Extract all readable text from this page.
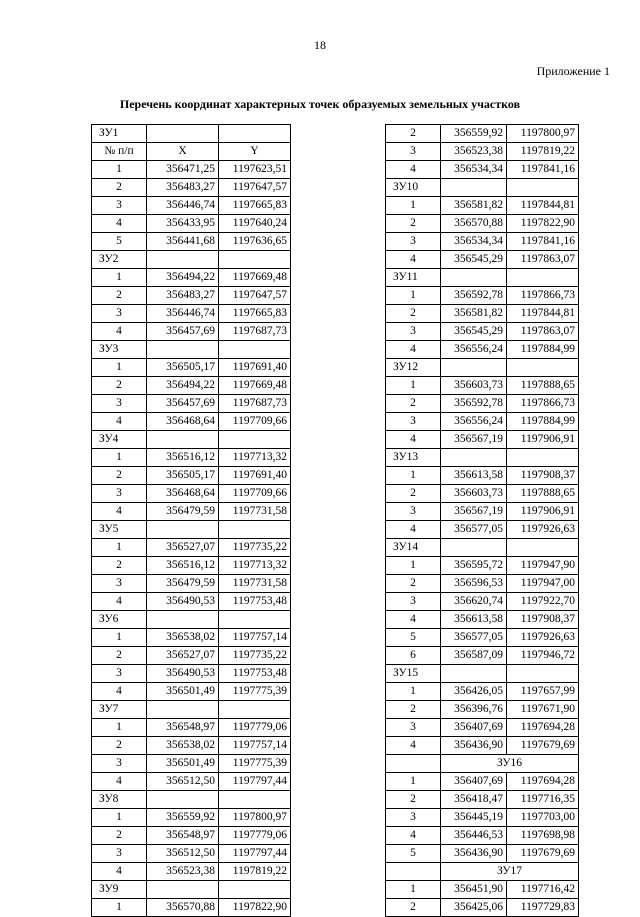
18
Приложение 1
Перечень координат характерных точек образуемых земельных участков
ЗУ1		
№ п/п	X	Y
1	356471,25	1197623,51
2	356483,27	1197647,57
3	356446,74	1197665,83
4	356433,95	1197640,24
5	356441,68	1197636,65
ЗУ2		
1	356494,22	1197669,48
2	356483,27	1197647,57
3	356446,74	1197665,83
4	356457,69	1197687,73
ЗУ3		
1	356505,17	1197691,40
2	356494,22	1197669,48
3	356457,69	1197687,73
4	356468,64	1197709,66
ЗУ4		
1	356516,12	1197713,32
2	356505,17	1197691,40
3	356468,64	1197709,66
4	356479,59	1197731,58
ЗУ5		
1	356527,07	1197735,22
2	356516,12	1197713,32
3	356479,59	1197731,58
4	356490,53	1197753,48
ЗУ6		
1	356538,02	1197757,14
2	356527,07	1197735,22
3	356490,53	1197753,48
4	356501,49	1197775,39
ЗУ7		
1	356548,97	1197779,06
2	356538,02	1197757,14
3	356501,49	1197775,39
4	356512,50	1197797,44
ЗУ8		
1	356559,92	1197800,97
2	356548,97	1197779,06
3	356512,50	1197797,44
4	356523,38	1197819,22
ЗУ9		
1	356570,88	1197822,90
2	356559,92	1197800,97
3	356523,38	1197819,22
4	356534,34	1197841,16
ЗУ10		
1	356581,82	1197844,81
2	356570,88	1197822,90
3	356534,34	1197841,16
4	356545,29	1197863,07
ЗУ11		
1	356592,78	1197866,73
2	356581,82	1197844,81
3	356545,29	1197863,07
4	356556,24	1197884,99
ЗУ12		
1	356603,73	1197888,65
2	356592,78	1197866,73
3	356556,24	1197884,99
4	356567,19	1197906,91
ЗУ13		
1	356613,58	1197908,37
2	356603,73	1197888,65
3	356567,19	1197906,91
4	356577,05	1197926,63
ЗУ14		
1	356595,72	1197947,90
2	356596,53	1197947,00
3	356620,74	1197922,70
4	356613,58	1197908,37
5	356577,05	1197926,63
6	356587,09	1197946,72
ЗУ15		
1	356426,05	1197657,99
2	356396,76	1197671,90
3	356407,69	1197694,28
4	356436,90	1197679,69
	ЗУ16	
1	356407,69	1197694,28
2	356418,47	1197716,35
3	356445,19	1197703,00
4	356446,53	1197698,98
5	356436,90	1197679,69
	ЗУ17	
1	356451,90	1197716,42
2	356425,06	1197729,83
